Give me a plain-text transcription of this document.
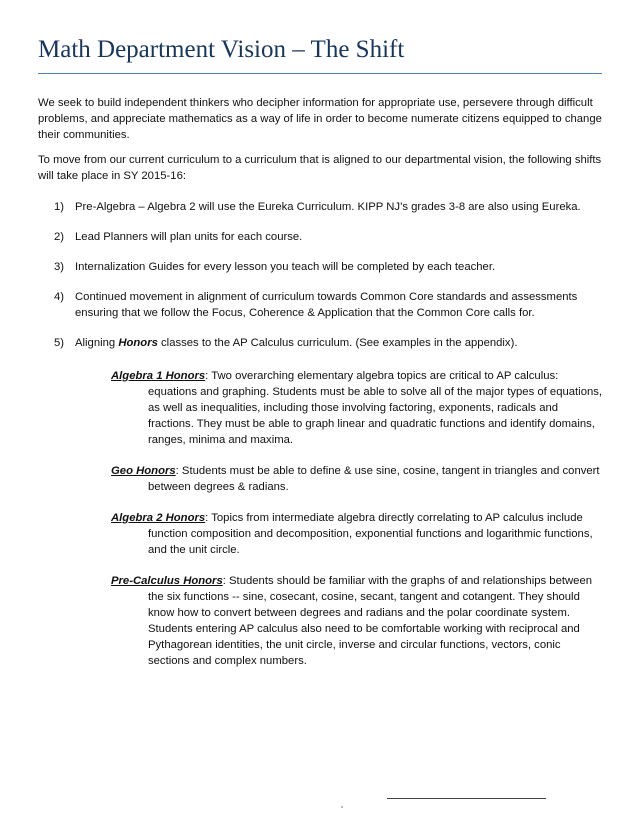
Math Department Vision – The Shift

We seek to build independent thinkers who decipher information for appropriate use, persevere through difficult problems, and appreciate mathematics as a way of life in order to become numerate citizens equipped to change their communities.

To move from our current curriculum to a curriculum that is aligned to our departmental vision, the following shifts will take place in SY 2015-16:

1) Pre-Algebra – Algebra 2 will use the Eureka Curriculum. KIPP NJ’s grades 3-8 are also using Eureka.
2) Lead Planners will plan units for each course.
3) Internalization Guides for every lesson you teach will be completed by each teacher.
4) Continued movement in alignment of curriculum towards Common Core standards and assessments ensuring that we follow the Focus, Coherence & Application that the Common Core calls for.
5) Aligning Honors classes to the AP Calculus curriculum. (See examples in the appendix).
Algebra 1 Honors: Two overarching elementary algebra topics are critical to AP calculus: equations and graphing. Students must be able to solve all of the major types of equations, as well as inequalities, including those involving factoring, exponents, radicals and fractions. They must be able to graph linear and quadratic functions and identify domains, ranges, minima and maxima.
Geo Honors: Students must be able to define & use sine, cosine, tangent in triangles and convert between degrees & radians.
Algebra 2 Honors: Topics from intermediate algebra directly correlating to AP calculus include function composition and decomposition, exponential functions and logarithmic functions, and the unit circle.
Pre-Calculus Honors: Students should be familiar with the graphs of and relationships between the six functions -- sine, cosecant, cosine, secant, tangent and cotangent. They should know how to convert between degrees and radians and the polar coordinate system. Students entering AP calculus also need to be comfortable working with reciprocal and Pythagorean identities, the unit circle, inverse and circular functions, vectors, conic sections and complex numbers.
